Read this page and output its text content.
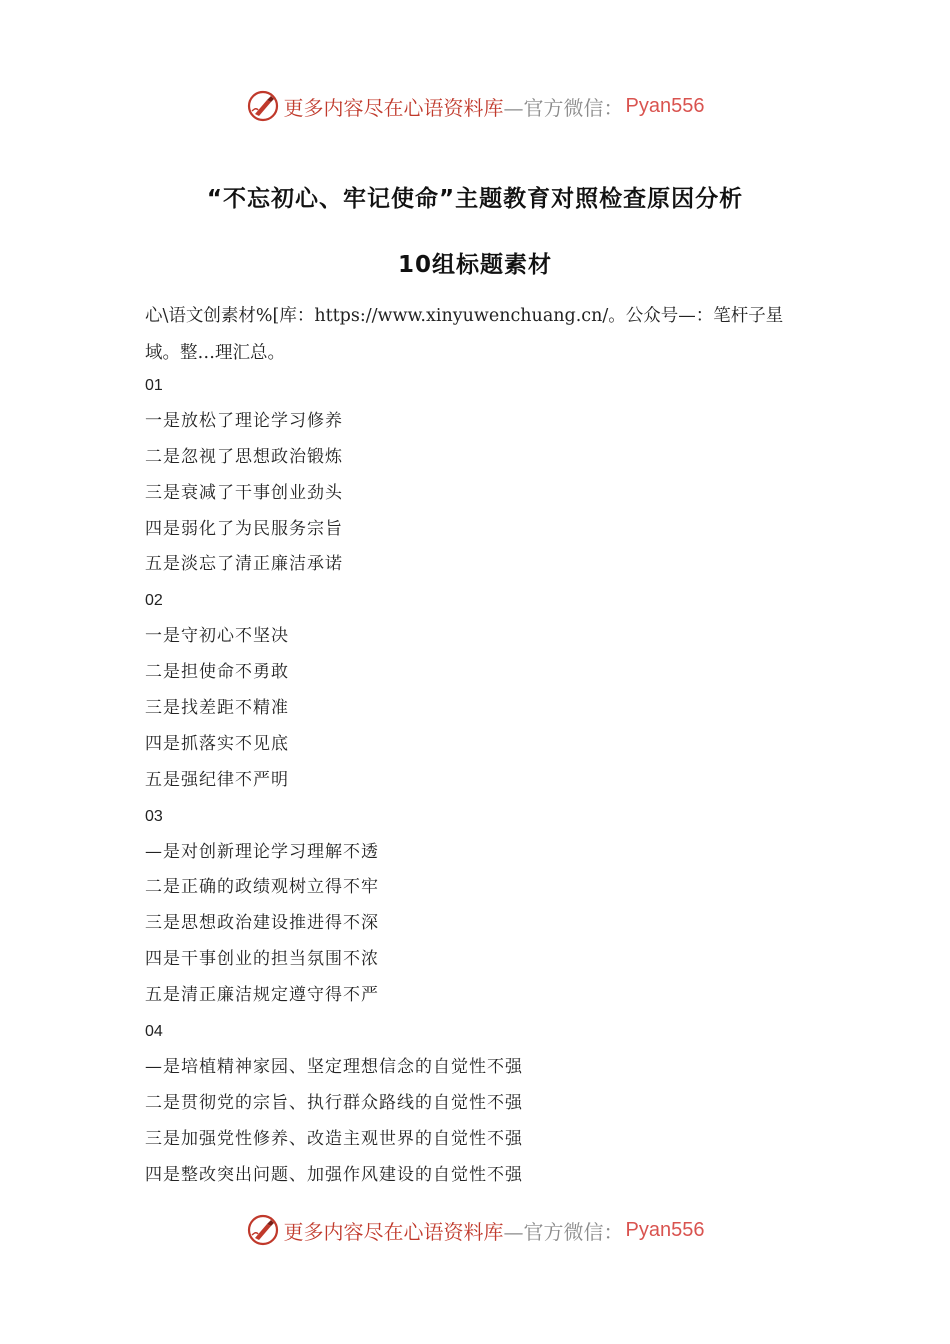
更多内容尽在心语资料库 —官方微信： Pyan556
“不忘初心、牢记使命”主题教育对照检查原因分析
10组标题素材
心\语文创素材%[库：https://www.xinyuwenchuang.cn/。公众号—：笔杆子星
域。整…理汇总。
01
一是放松了理论学习修养
二是忽视了思想政治锻炼
三是衰减了干事创业劲头
四是弱化了为民服务宗旨
五是淡忘了清正廉洁承诺
02
一是守初心不坚决
二是担使命不勇敢
三是找差距不精准
四是抓落实不见底
五是强纪律不严明
03
—是对创新理论学习理解不透
二是正确的政绩观树立得不牢
三是思想政治建设推进得不深
四是干事创业的担当氛围不浓
五是清正廉洁规定遵守得不严
04
—是培植精神家园、坚定理想信念的自觉性不强
二是贯彻党的宗旨、执行群众路线的自觉性不强
三是加强党性修养、改造主观世界的自觉性不强
四是整改突出问题、加强作风建设的自觉性不强
更多内容尽在心语资料库 —官方微信： Pyan556
